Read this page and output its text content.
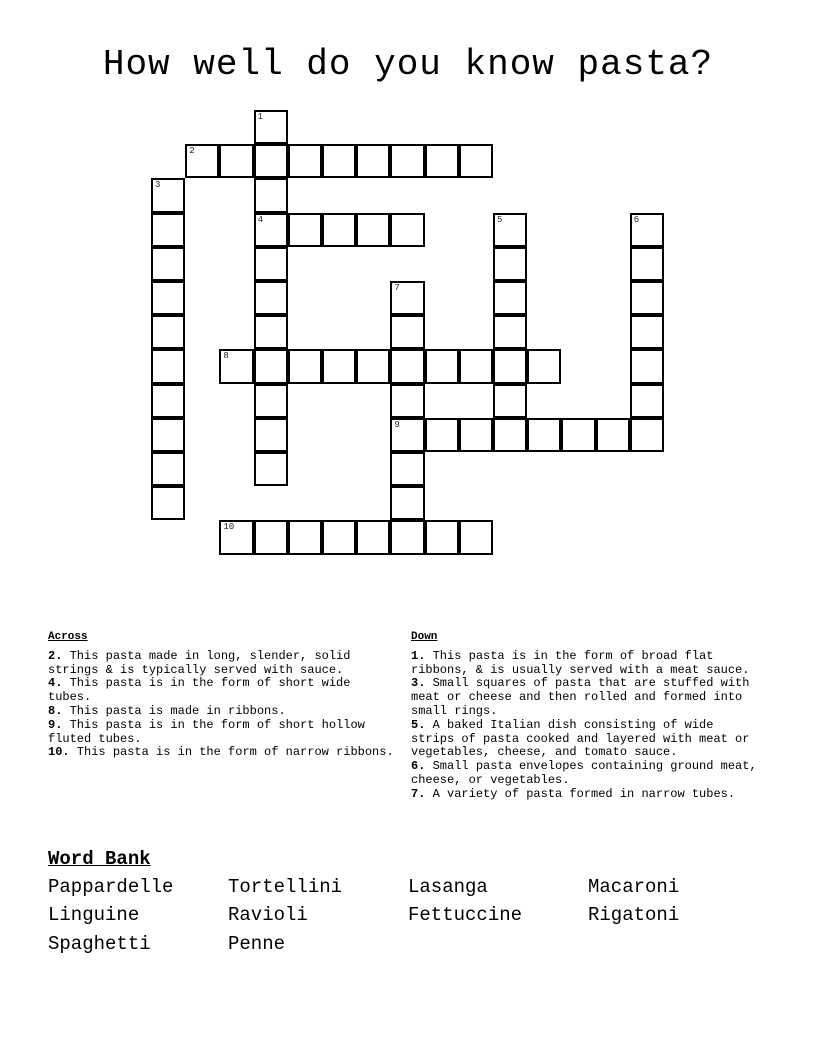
How well do you know pasta?
1
4
2
3
5	6
7
9
8
10
Across
2. This pasta made in long, slender, solid strings & is typically served with sauce.
4. This pasta is in the form of short wide tubes.
8. This pasta is made in ribbons.
9. This pasta is in the form of short hollow fluted tubes.
10. This pasta is in the form of narrow ribbons.
Down
1. This pasta is in the form of broad flat ribbons, & is usually served with a meat sauce.
3. Small squares of pasta that are stuffed with meat or cheese and then rolled and formed into small rings.
5. A baked Italian dish consisting of wide strips of pasta cooked and layered with meat or vegetables, cheese, and tomato sauce.
6. Small pasta envelopes containing ground meat, cheese, or vegetables.
7. A variety of pasta formed in narrow tubes.
Word Bank
Pappardelle	Tortellini	Lasanga	Macaroni
Linguine	Ravioli	Fettuccine	Rigatoni
Spaghetti	Penne
